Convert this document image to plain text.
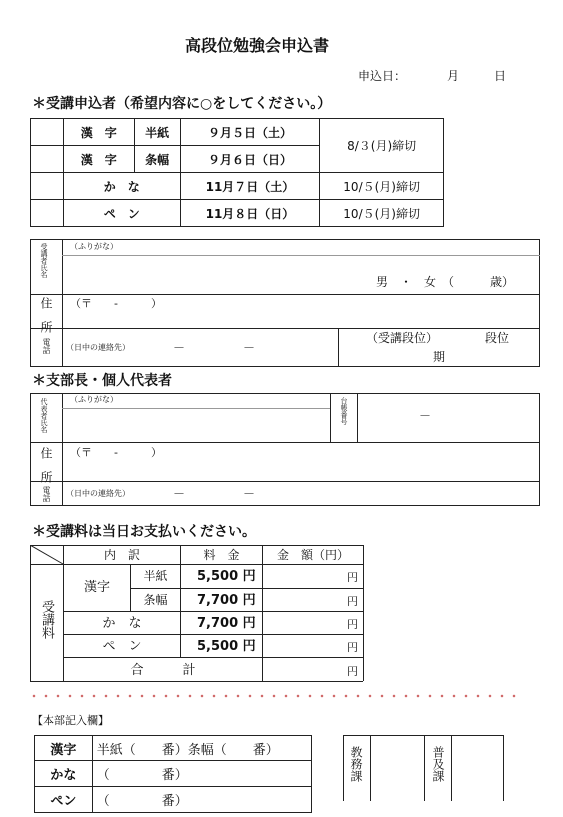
高段位勉強会申込書
申込日：	月	日
＊受講申込者（希望内容に○をしてください。）
	漢　字	半紙	９月５日（土）	8/３(月)締切
	漢　字	条幅	９月６日（日）	
	か　な		11月７日（土）	10/５(月)締切
	ペ　ン		11月８日（日）	10/５(月)締切
受講者氏名	（ふりがな）
男　・　女　（　　　歳）
住　所 （〒　　-　　　）
電話 （日中の連絡先）	－	－
（受講段位）	段位
期
＊支部長・個人代表者
代表者氏名	（ふりがな）	台帳番号	－
住　所 （〒　　-　　　）
電話 （日中の連絡先）	－	－
＊受講料は当日お支払いください。
内　訳	料　金	金　額（円）
受講料
漢字
半紙	5,500 円	円
条幅	7,700 円	円
か　な	7,700 円	円
ペ　ン	5,500 円	円
合　　　計	円
【本部記入欄】
漢字	半紙（　　番）条幅（　　番）
かな	（　　　　番）
ペン	（　　　　番）
教務課	普及課
